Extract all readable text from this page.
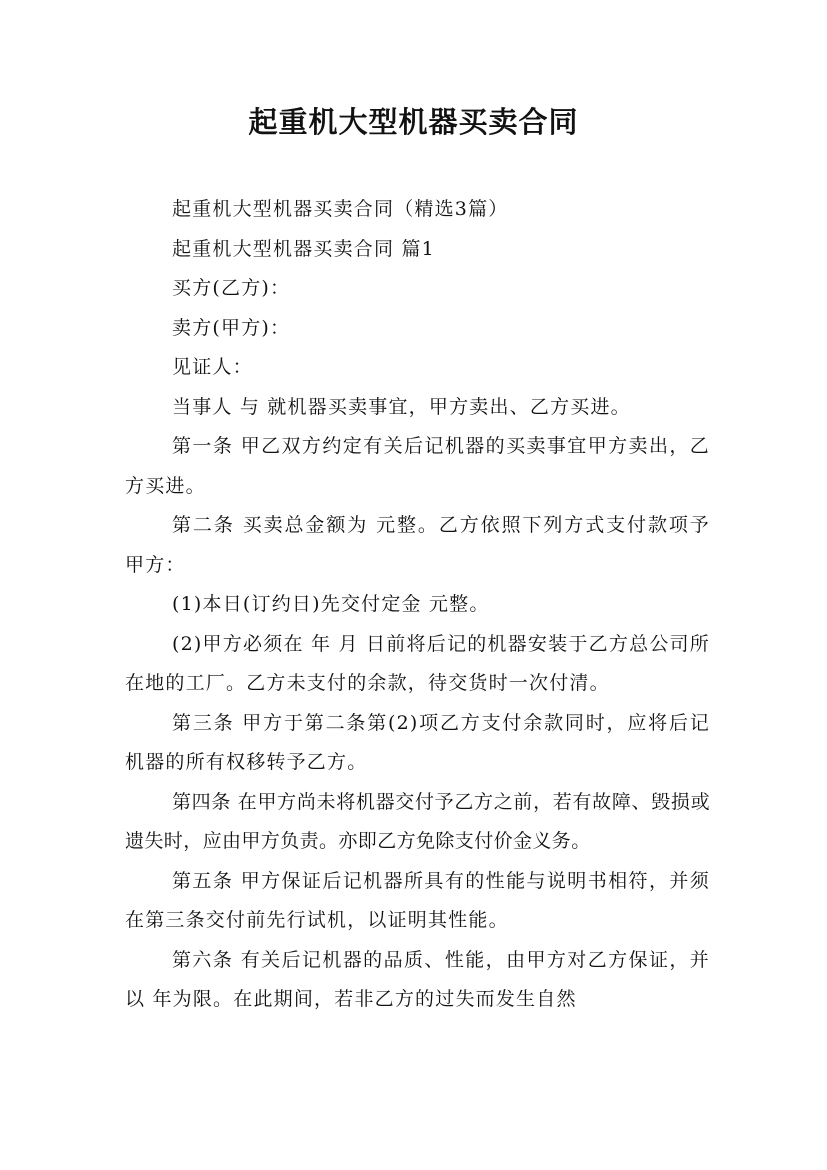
起重机大型机器买卖合同

起重机大型机器买卖合同（精选3篇）

起重机大型机器买卖合同 篇1

买方(乙方)：

卖方(甲方)：

见证人：

当事人 与 就机器买卖事宜，甲方卖出、乙方买进。

第一条 甲乙双方约定有关后记机器的买卖事宜甲方卖出，乙方买进。

第二条 买卖总金额为 元整。乙方依照下列方式支付款项予甲方：

(1)本日(订约日)先交付定金 元整。

(2)甲方必须在 年 月 日前将后记的机器安装于乙方总公司所在地的工厂。乙方未支付的余款，待交货时一次付清。

第三条 甲方于第二条第(2)项乙方支付余款同时，应将后记机器的所有权移转予乙方。

第四条 在甲方尚未将机器交付予乙方之前，若有故障、毁损或遗失时，应由甲方负责。亦即乙方免除支付价金义务。

第五条 甲方保证后记机器所具有的性能与说明书相符，并须在第三条交付前先行试机，以证明其性能。

第六条 有关后记机器的品质、性能，由甲方对乙方保证，并以 年为限。在此期间，若非乙方的过失而发生自然
